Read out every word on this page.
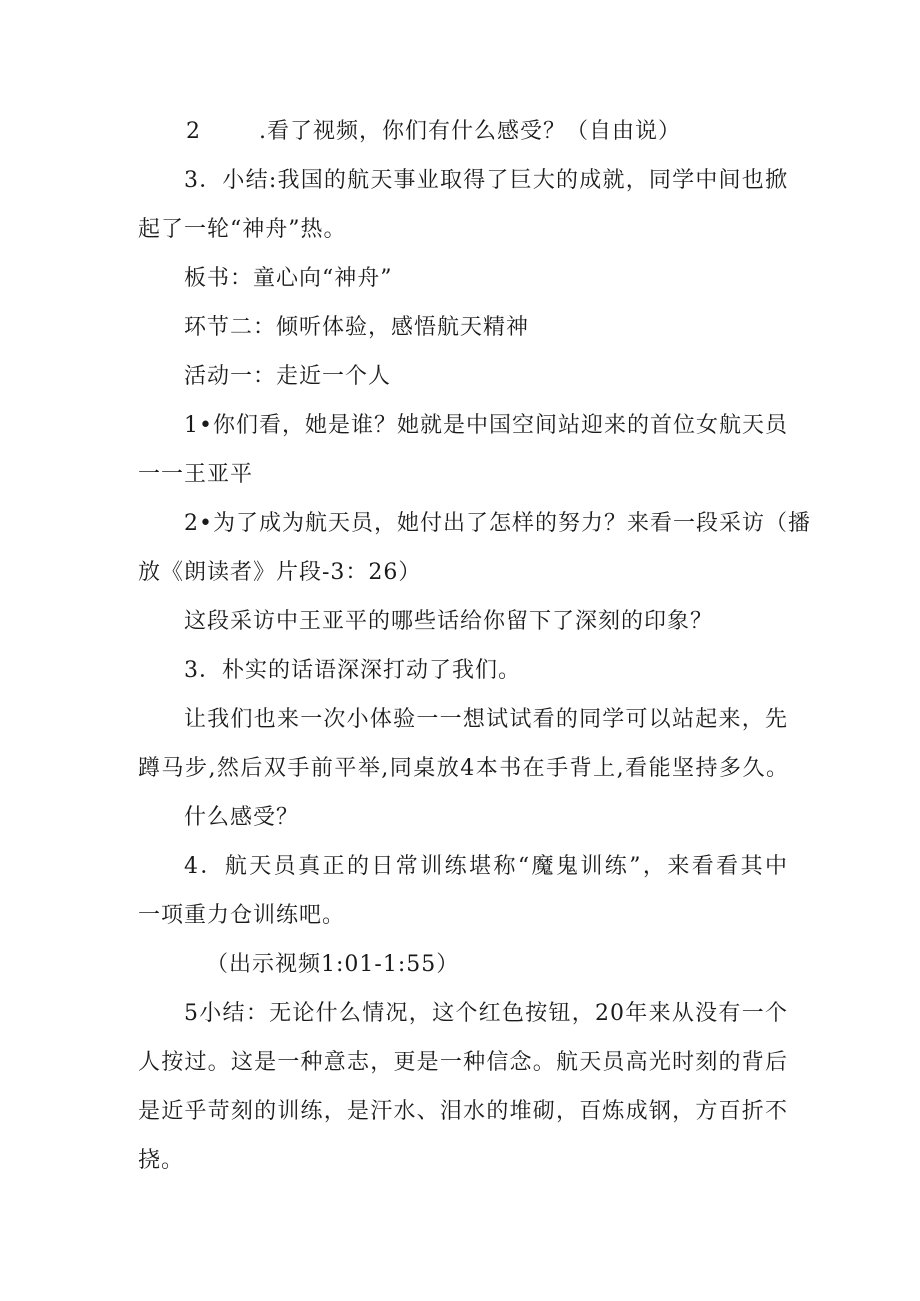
2	.看了视频，你们有什么感受？（自由说）
3．小结:我国的航天事业取得了巨大的成就，同学中间也掀
起了一轮“神舟”热。
板书：童心向“神舟”
环节二：倾听体验，感悟航天精神
活动一：走近一个人
1•你们看，她是谁？她就是中国空间站迎来的首位女航天员
一一王亚平
2•为了成为航天员，她付出了怎样的努力？来看一段采访（播
放《朗读者》片段-3：26）
这段采访中王亚平的哪些话给你留下了深刻的印象？
3．朴实的话语深深打动了我们。
让我们也来一次小体验一一想试试看的同学可以站起来，先
蹲马步,然后双手前平举,同桌放4本书在手背上,看能坚持多久。
什么感受？
4．航天员真正的日常训练堪称“魔鬼训练”，来看看其中
一项重力仓训练吧。
（出示视频1:01-1:55）
5小结：无论什么情况，这个红色按钮，20年来从没有一个
人按过。这是一种意志，更是一种信念。航天员高光时刻的背后
是近乎苛刻的训练，是汗水、泪水的堆砌，百炼成钢，方百折不
挠。
